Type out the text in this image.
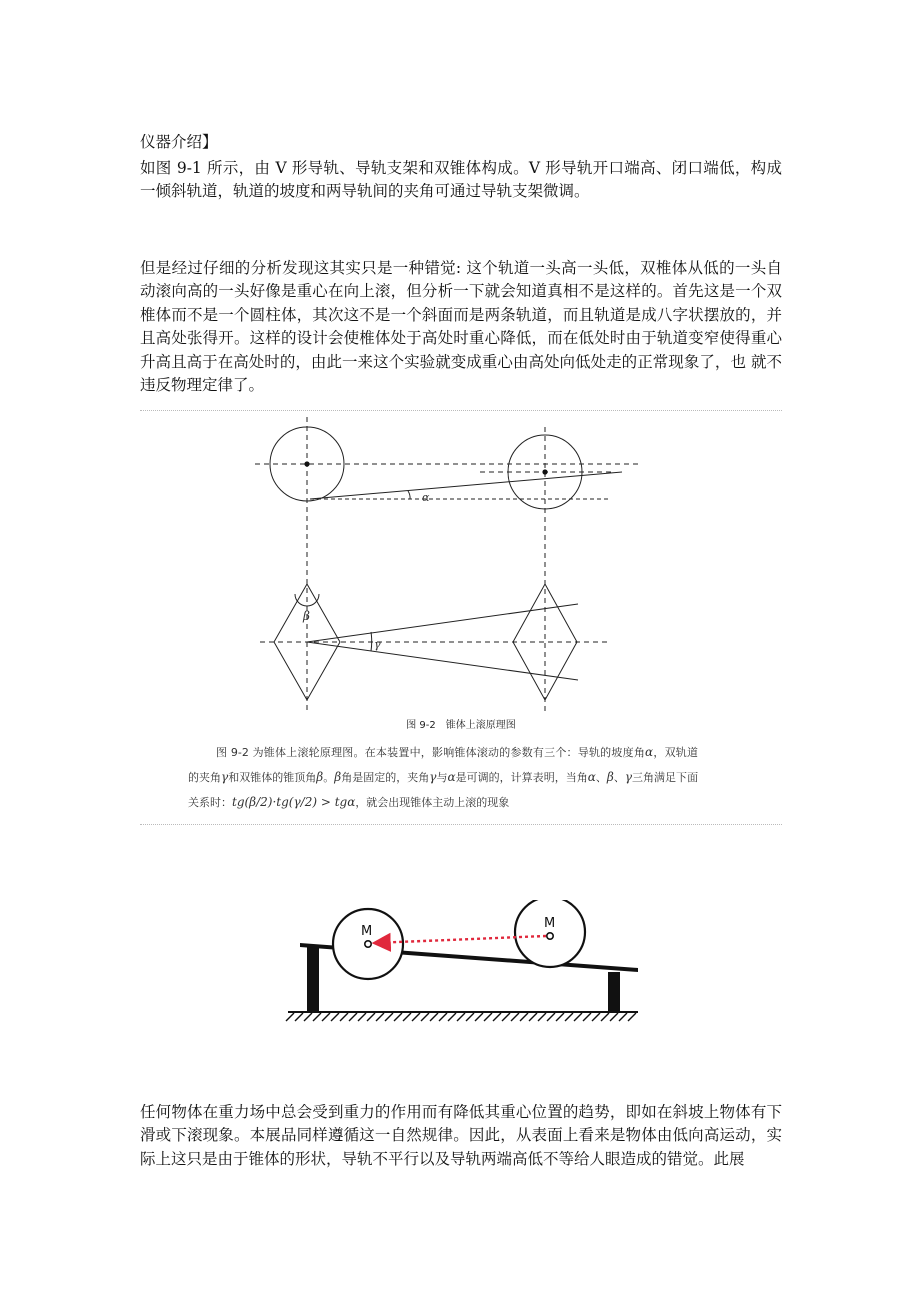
仪器介绍】

如图 9-1 所示，由 V 形导轨、导轨支架和双锥体构成。V 形导轨开口端高、闭口端低，构成一倾斜轨道，轨道的坡度和两导轨间的夹角可通过导轨支架微调。

但是经过仔细的分析发现这其实只是一种错觉: 这个轨道一头高一头低，双椎体从低的一头自动滚向高的一头好像是重心在向上滚，但分析一下就会知道真相不是这样的。首先这是一个双椎体而不是一个圆柱体，其次这不是一个斜面而是两条轨道，而且轨道是成八字状摆放的，并且高处张得开。这样的设计会使椎体处于高处时重心降低，而在低处时由于轨道变窄使得重心升高且高于在高处时的，由此一来这个实验就变成重心由高处向低处走的正常现象了，也 就不违反物理定律了。

α
β
γ
图 9-2 锥体上滚原理图
图 9-2 为锥体上滚轮原理图。在本装置中，影响锥体滚动的参数有三个：导轨的坡度角α，双轨道的夹角γ和双锥体的锥顶角β。β角是固定的，夹角γ与α是可调的，计算表明，当角α、β、γ三角满足下面关系时：tg(β/2)·tg(γ/2) > tgα，就会出现锥体主动上滚的现象
M
M

任何物体在重力场中总会受到重力的作用而有降低其重心位置的趋势，即如在斜坡上物体有下滑或下滚现象。本展品同样遵循这一自然规律。因此，从表面上看来是物体由低向高运动，实际上这只是由于锥体的形状，导轨不平行以及导轨两端高低不等给人眼造成的错觉。此展
